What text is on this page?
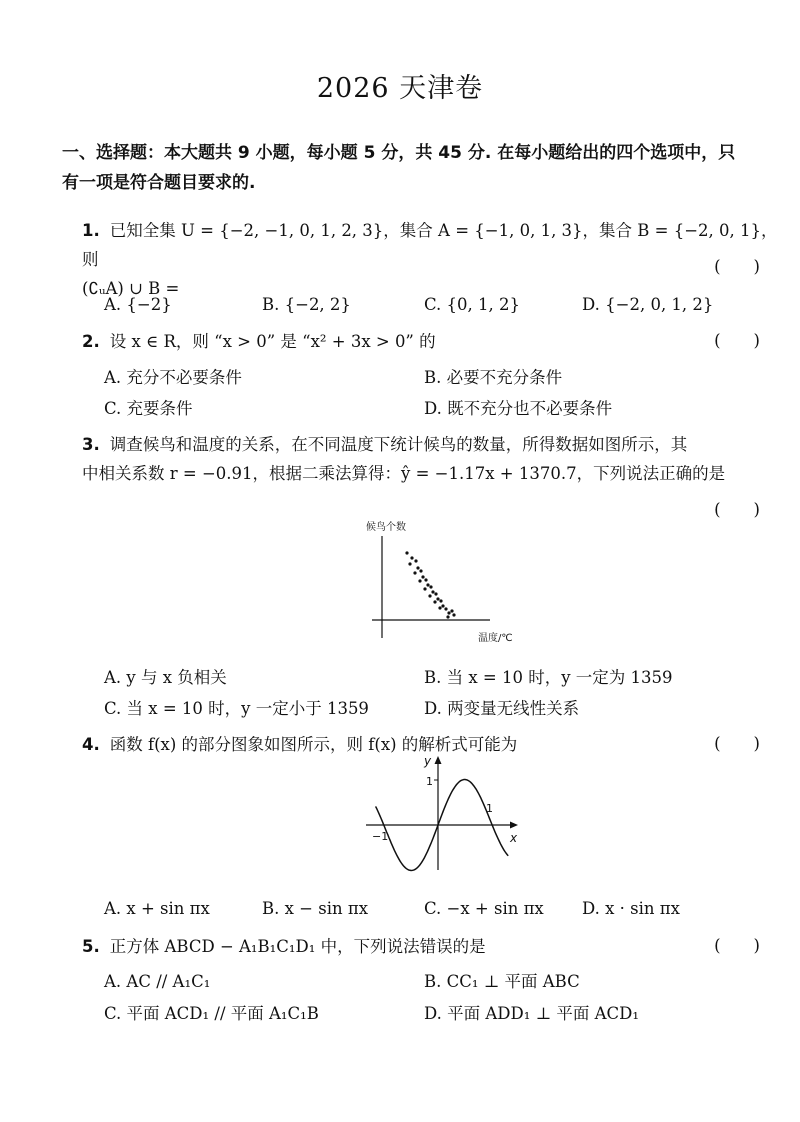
2026 天津卷
一、选择题：本大题共 9 小题，每小题 5 分，共 45 分. 在每小题给出的四个选项中，只
有一项是符合题目要求的.
1. 已知全集 U = {−2, −1, 0, 1, 2, 3}，集合 A = {−1, 0, 1, 3}，集合 B = {−2, 0, 1}，则
(∁ᵤA) ∪ B =
(　　)
A. {−2}	B. {−2, 2}	C. {0, 1, 2}	D. {−2, 0, 1, 2}
2. 设 x ∈ R，则 “x > 0” 是 “x² + 3x > 0” 的	(　　)
A. 充分不必要条件	B. 必要不充分条件
C. 充要条件	D. 既不充分也不必要条件
3. 调查候鸟和温度的关系，在不同温度下统计候鸟的数量，所得数据如图所示，其
中相关系数 r = −0.91，根据二乘法算得：ŷ = −1.17x + 1370.7，下列说法正确的是
(　　)
候鸟个数
温度/℃
A. y 与 x 负相关	B. 当 x = 10 时，y 一定为 1359
C. 当 x = 10 时，y 一定小于 1359	D. 两变量无线性关系
4. 函数 f(x) 的部分图象如图所示，则 f(x) 的解析式可能为	(　　)
y
x
1
1
−1
A. x + sin πx	B. x − sin πx	C. −x + sin πx D. x · sin πx
5. 正方体 ABCD − A₁B₁C₁D₁ 中，下列说法错误的是	(　　)
A. AC // A₁C₁	B. CC₁ ⊥ 平面 ABC
C. 平面 ACD₁ // 平面 A₁C₁B	D. 平面 ADD₁ ⊥ 平面 ACD₁
